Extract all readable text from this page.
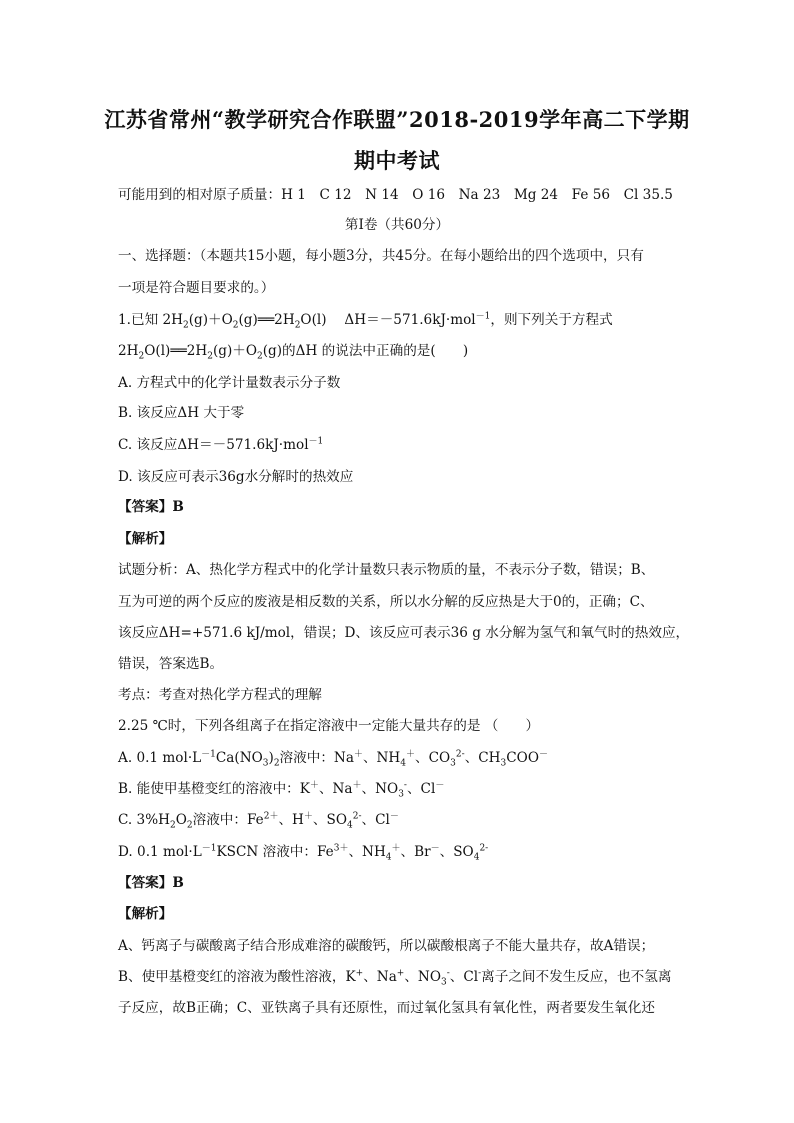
江苏省常州“教学研究合作联盟”2018-2019学年高二下学期
期中考试
可能用到的相对原子质量：H 1　C 12　N 14　O 16　Na 23　Mg 24　Fe 56　Cl 35.5
第Ⅰ卷（共60分）
一、选择题：（本题共15小题，每小题3分，共45分。在每小题给出的四个选项中，只有
一项是符合题目要求的。）
1.已知 $2H_2(g)+O_2(g)══2H_2O(l)$　 ΔH＝－571.6kJ·mol$^{-1}$，则下列关于方程式
$2H_2O(l)══2H_2(g)+O_2(g)$的ΔH 的说法中正确的是(　　)
A. 方程式中的化学计量数表示分子数
B. 该反应ΔH 大于零
C. 该反应ΔH＝－571.6kJ·mol$^{-1}$
D. 该反应可表示36g水分解时的热效应
【答案】B
【解析】
试题分析：A、热化学方程式中的化学计量数只表示物质的量，不表示分子数，错误；B、
互为可逆的两个反应的废液是相反数的关系，所以水分解的反应热是大于0的，正确；C、
该反应ΔH=+571.6 kJ/mol，错误；D、该反应可表示36 g 水分解为氢气和氧气时的热效应，
错误，答案选B。
考点：考查对热化学方程式的理解
2.25 ℃时，下列各组离子在指定溶液中一定能大量共存的是 （　　）
A. 0.1 $mol\cdot L^{-1}Ca(NO_3)_2$溶液中：Na＋、$NH_4^+$、$CO_3^{2-}$、$CH_3COO^-$
B. 能使甲基橙变红的溶液中：K＋、Na＋、$NO_3^-$、Cl－
C. $3\%H_2O_2$溶液中：$Fe^{2+}$、H＋、$SO_4^{2-}$、Cl－
D. 0.1 $mol\cdot L^{-1}KSCN$ 溶液中：$Fe^{3+}$、$NH_4^+$、Br－、$SO_4^{2-}$
【答案】B
【解析】
A、钙离子与碳酸离子结合形成难溶的碳酸钙，所以碳酸根离子不能大量共存，故A错误；
B、使甲基橙变红的溶液为酸性溶液，K+、Na+、$NO_3^-$、Cl-离子之间不发生反应，也不氢离
子反应，故B正确；C、亚铁离子具有还原性，而过氧化氢具有氧化性，两者要发生氧化还
